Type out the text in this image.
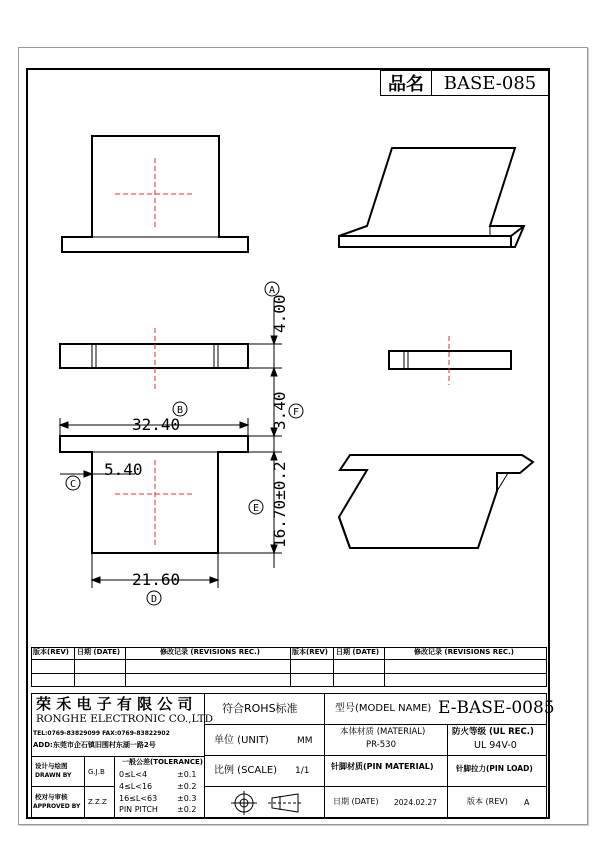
品名 BASE-085
32.40
5.40
21.60
4.00
3.40
16.70±0.2
A
B	F
C
E
D
版本(REV) 日期 (DATE)	修改记录 (REVISIONS REC.)	版本(REV) 日期 (DATE)	修改记录 (REVISIONS REC.)
荣 禾 电 子 有 限 公 司
RONGHE ELECTRONIC CO.,LTD
TEL:0769-83829099 FAX:0769-83822902
ADD:东莞市企石镇旧围村东湖一路2号
符合ROHS标准
单位 (UNIT)	MM
比例 (SCALE) 1/1
型号(MODEL NAME) E-BASE-0085
本体材质 (MATERIAL)
PR-530
防火等级 (UL REC.)
UL 94V-0
针脚材质(PIN MATERIAL)	针脚拉力(PIN LOAD)
日期 (DATE) 2024.02.27	版本 (REV) A
设计与绘图
DRAWN BY G.J.B
校对与审核
APPROVED BY
Z.Z.Z
一般公差(TOLERANCE)
0≤L<4	±0.1
4≤L<16	±0.2
16≤L<63 ±0.3
PIN PITCH ±0.2
